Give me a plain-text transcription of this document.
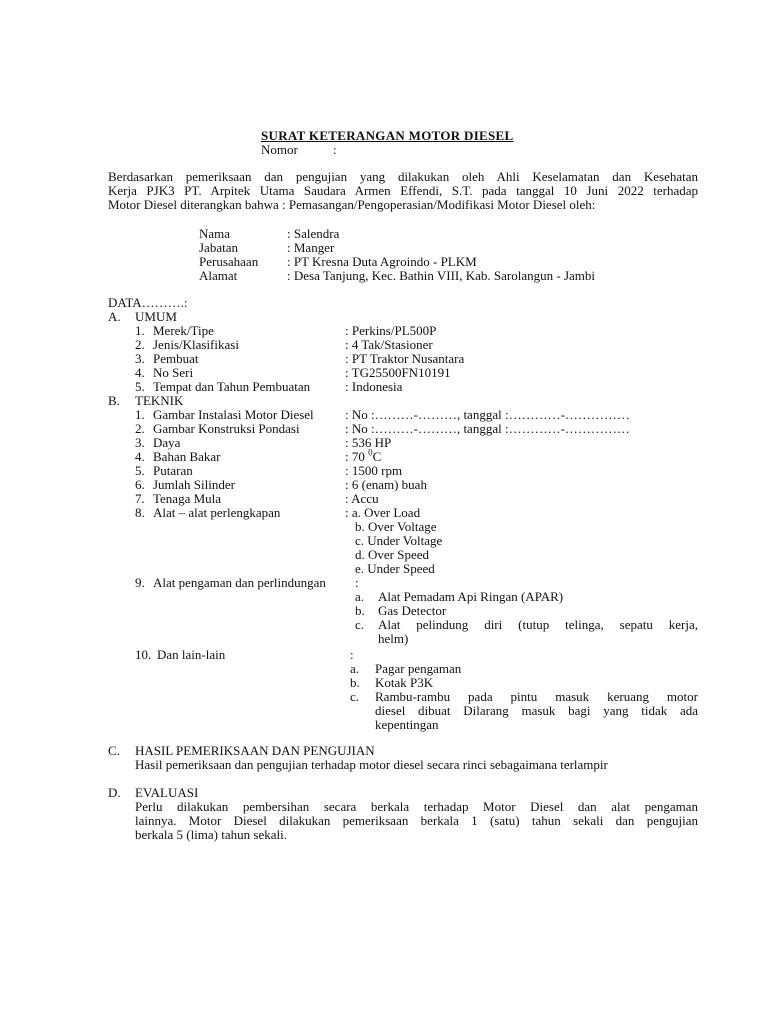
SURAT KETERANGAN MOTOR DIESEL
Nomor	:
Berdasarkan pemeriksaan dan pengujian yang dilakukan oleh Ahli Keselamatan dan Kesehatan
Kerja PJK3 PT. Arpitek Utama Saudara Armen Effendi, S.T. pada tanggal 10 Juni 2022 terhadap
Motor Diesel diterangkan bahwa : Pemasangan/Pengoperasian/Modifikasi Motor Diesel oleh:
Nama	: Salendra
Jabatan	: Manger
Perusahaan : PT Kresna Duta Agroindo - PLKM
Alamat	: Desa Tanjung, Kec. Bathin VIII, Kab. Sarolangun - Jambi
DATA……….:
A. UMUM
1. Merek/Tipe	: Perkins/PL500P
2. Jenis/Klasifikasi	: 4 Tak/Stasioner
3. Pembuat	: PT Traktor Nusantara
4. No Seri	: TG25500FN10191
5. Tempat dan Tahun Pembuatan	: Indonesia
B. TEKNIK
1. Gambar Instalasi Motor Diesel : No :………-………, tanggal :…………-……………
2. Gambar Konstruksi Pondasi	: No :………-………, tanggal :…………-……………
3. Daya	: 536 HP
4. Bahan Bakar	: 70 $^0$C
5. Putaran	: 1500 rpm
6. Jumlah Silinder	: 6 (enam) buah
7. Tenaga Mula	: Accu
8. Alat – alat perlengkapan	: a. Over Load
b. Over Voltage
c. Under Voltage
d. Over Speed
e. Under Speed
9. Alat pengaman dan perlindungan :
a. Alat Pemadam Api Ringan (APAR)
b. Gas Detector
c. Alat pelindung diri (tutup telinga, sepatu kerja,
helm)
10. Dan lain-lain	:
a. Pagar pengaman
b. Kotak P3K
c. Rambu-rambu pada pintu masuk keruang motor
diesel dibuat Dilarang masuk bagi yang tidak ada
kepentingan
C. HASIL PEMERIKSAAN DAN PENGUJIAN
Hasil pemeriksaan dan pengujian terhadap motor diesel secara rinci sebagaimana terlampir
D. EVALUASI
Perlu dilakukan pembersihan secara berkala terhadap Motor Diesel dan alat pengaman
lainnya. Motor Diesel dilakukan pemeriksaan berkala 1 (satu) tahun sekali dan pengujian
berkala 5 (lima) tahun sekali.
